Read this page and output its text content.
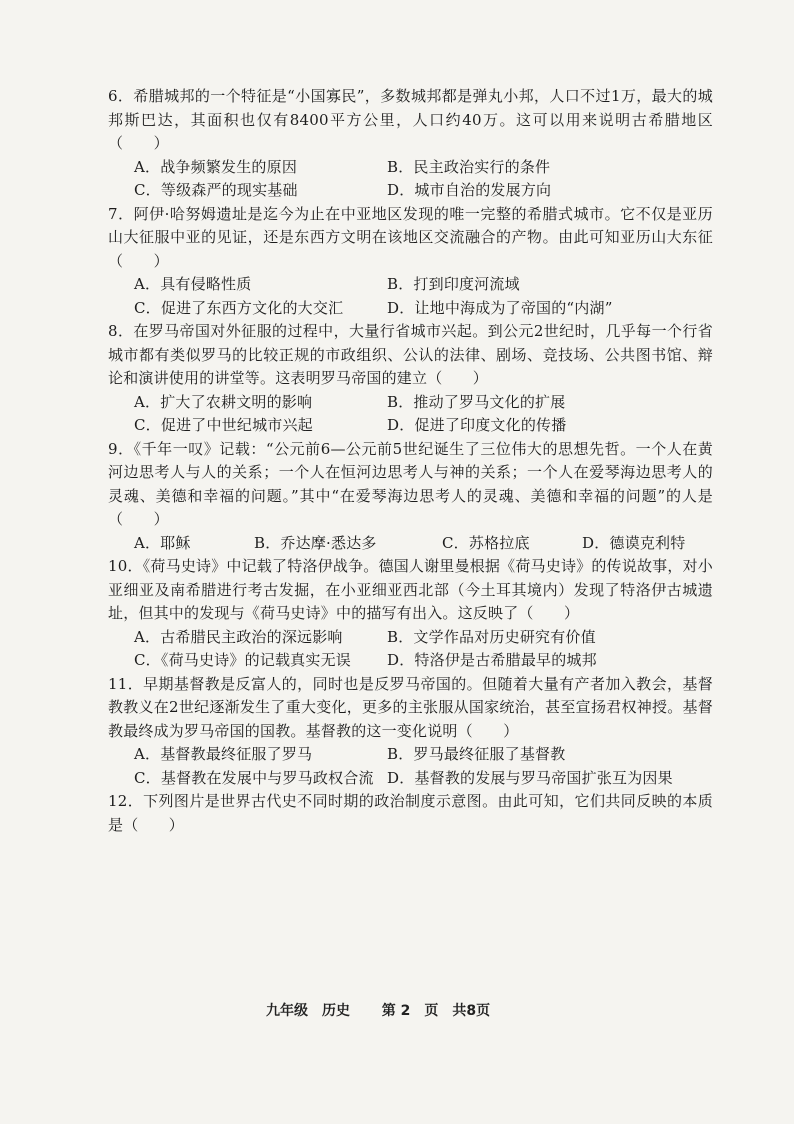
6．希腊城邦的一个特征是“小国寡民”，多数城邦都是弹丸小邦，人口不过1万，最大的城邦斯巴达，其面积也仅有8400平方公里，人口约40万。这可以用来说明古希腊地区（　　）

A．战争频繁发生的原因	B．民主政治实行的条件
C．等级森严的现实基础	D．城市自治的发展方向

7．阿伊·哈努姆遗址是迄今为止在中亚地区发现的唯一完整的希腊式城市。它不仅是亚历山大征服中亚的见证，还是东西方文明在该地区交流融合的产物。由此可知亚历山大东征（　　）

A．具有侵略性质	B．打到印度河流域
C．促进了东西方文化的大交汇	D．让地中海成为了帝国的“内湖”

8．在罗马帝国对外征服的过程中，大量行省城市兴起。到公元2世纪时，几乎每一个行省城市都有类似罗马的比较正规的市政组织、公认的法律、剧场、竞技场、公共图书馆、辩论和演讲使用的讲堂等。这表明罗马帝国的建立（　　）

A．扩大了农耕文明的影响	B．推动了罗马文化的扩展
C．促进了中世纪城市兴起	D．促进了印度文化的传播

9．《千年一叹》记载：“公元前6—公元前5世纪诞生了三位伟大的思想先哲。一个人在黄河边思考人与人的关系；一个人在恒河边思考人与神的关系；一个人在爱琴海边思考人的灵魂、美德和幸福的问题。”其中“在爱琴海边思考人的灵魂、美德和幸福的问题”的人是（　　）

A．耶稣	B．乔达摩·悉达多	C．苏格拉底	D．德谟克利特

10．《荷马史诗》中记载了特洛伊战争。德国人谢里曼根据《荷马史诗》的传说故事，对小亚细亚及南希腊进行考古发掘，在小亚细亚西北部（今土耳其境内）发现了特洛伊古城遗址，但其中的发现与《荷马史诗》中的描写有出入。这反映了（　　）

A．古希腊民主政治的深远影响	B．文学作品对历史研究有价值
C．《荷马史诗》的记载真实无误	D．特洛伊是古希腊最早的城邦

11．早期基督教是反富人的，同时也是反罗马帝国的。但随着大量有产者加入教会，基督教教义在2世纪逐渐发生了重大变化，更多的主张服从国家统治，甚至宣扬君权神授。基督教最终成为罗马帝国的国教。基督教的这一变化说明（　　）

A．基督教最终征服了罗马	B．罗马最终征服了基督教
C．基督教在发展中与罗马政权合流 D．基督教的发展与罗马帝国扩张互为因果

12．下列图片是世界古代史不同时期的政治制度示意图。由此可知，它们共同反映的本质是（　　）

九年级　历史 第 2　页　共8页
